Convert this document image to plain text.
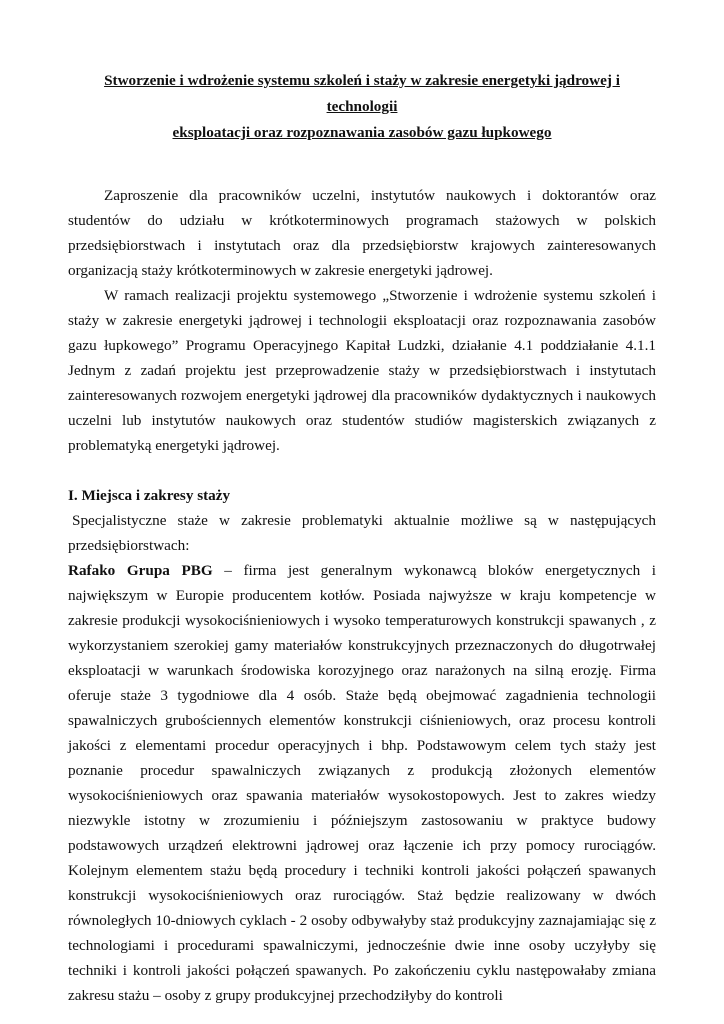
Stworzenie i wdrożenie systemu szkoleń i staży w zakresie energetyki jądrowej i technologii
eksploatacji oraz rozpoznawania zasobów gazu łupkowego

Zaproszenie dla pracowników uczelni, instytutów naukowych i doktorantów oraz studentów do udziału w krótkoterminowych programach stażowych w polskich przedsiębiorstwach i instytutach oraz dla przedsiębiorstw krajowych zainteresowanych organizacją staży krótkoterminowych w zakresie energetyki jądrowej.

W ramach realizacji projektu systemowego „Stworzenie i wdrożenie systemu szkoleń i staży w zakresie energetyki jądrowej i technologii eksploatacji oraz rozpoznawania zasobów gazu łupkowego” Programu Operacyjnego Kapitał Ludzki, działanie 4.1 poddziałanie 4.1.1 Jednym z zadań projektu jest przeprowadzenie staży w przedsiębiorstwach i instytutach zainteresowanych rozwojem energetyki jądrowej dla pracowników dydaktycznych i naukowych uczelni lub instytutów naukowych oraz studentów studiów magisterskich związanych z problematyką energetyki jądrowej.

I. Miejsca i zakresy staży

Specjalistyczne staże w zakresie problematyki aktualnie możliwe są w następujących przedsiębiorstwach:

Rafako Grupa PBG – firma jest generalnym wykonawcą bloków energetycznych i największym w Europie producentem kotłów. Posiada najwyższe w kraju kompetencje w zakresie produkcji wysokociśnieniowych i wysoko temperaturowych konstrukcji spawanych , z wykorzystaniem szerokiej gamy materiałów konstrukcyjnych przeznaczonych do długotrwałej eksploatacji w warunkach środowiska korozyjnego oraz narażonych na silną erozję. Firma oferuje staże 3 tygodniowe dla 4 osób. Staże będą obejmować zagadnienia technologii spawalniczych grubościennych elementów konstrukcji ciśnieniowych, oraz procesu kontroli jakości z elementami procedur operacyjnych i bhp. Podstawowym celem tych staży jest poznanie procedur spawalniczych związanych z produkcją złożonych elementów wysokociśnieniowych oraz spawania materiałów wysokostopowych. Jest to zakres wiedzy niezwykle istotny w zrozumieniu i późniejszym zastosowaniu w praktyce budowy podstawowych urządzeń elektrowni jądrowej oraz łączenie ich przy pomocy rurociągów. Kolejnym elementem stażu będą procedury i techniki kontroli jakości połączeń spawanych konstrukcji wysokociśnieniowych oraz rurociągów. Staż będzie realizowany w dwóch równoległych 10-dniowych cyklach - 2 osoby odbywałyby staż produkcyjny zaznajamiając się z technologiami i procedurami spawalniczymi, jednocześnie dwie inne osoby uczyłyby się techniki i kontroli jakości połączeń spawanych. Po zakończeniu cyklu następowałaby zmiana zakresu stażu – osoby z grupy produkcyjnej przechodziłyby do kontroli
